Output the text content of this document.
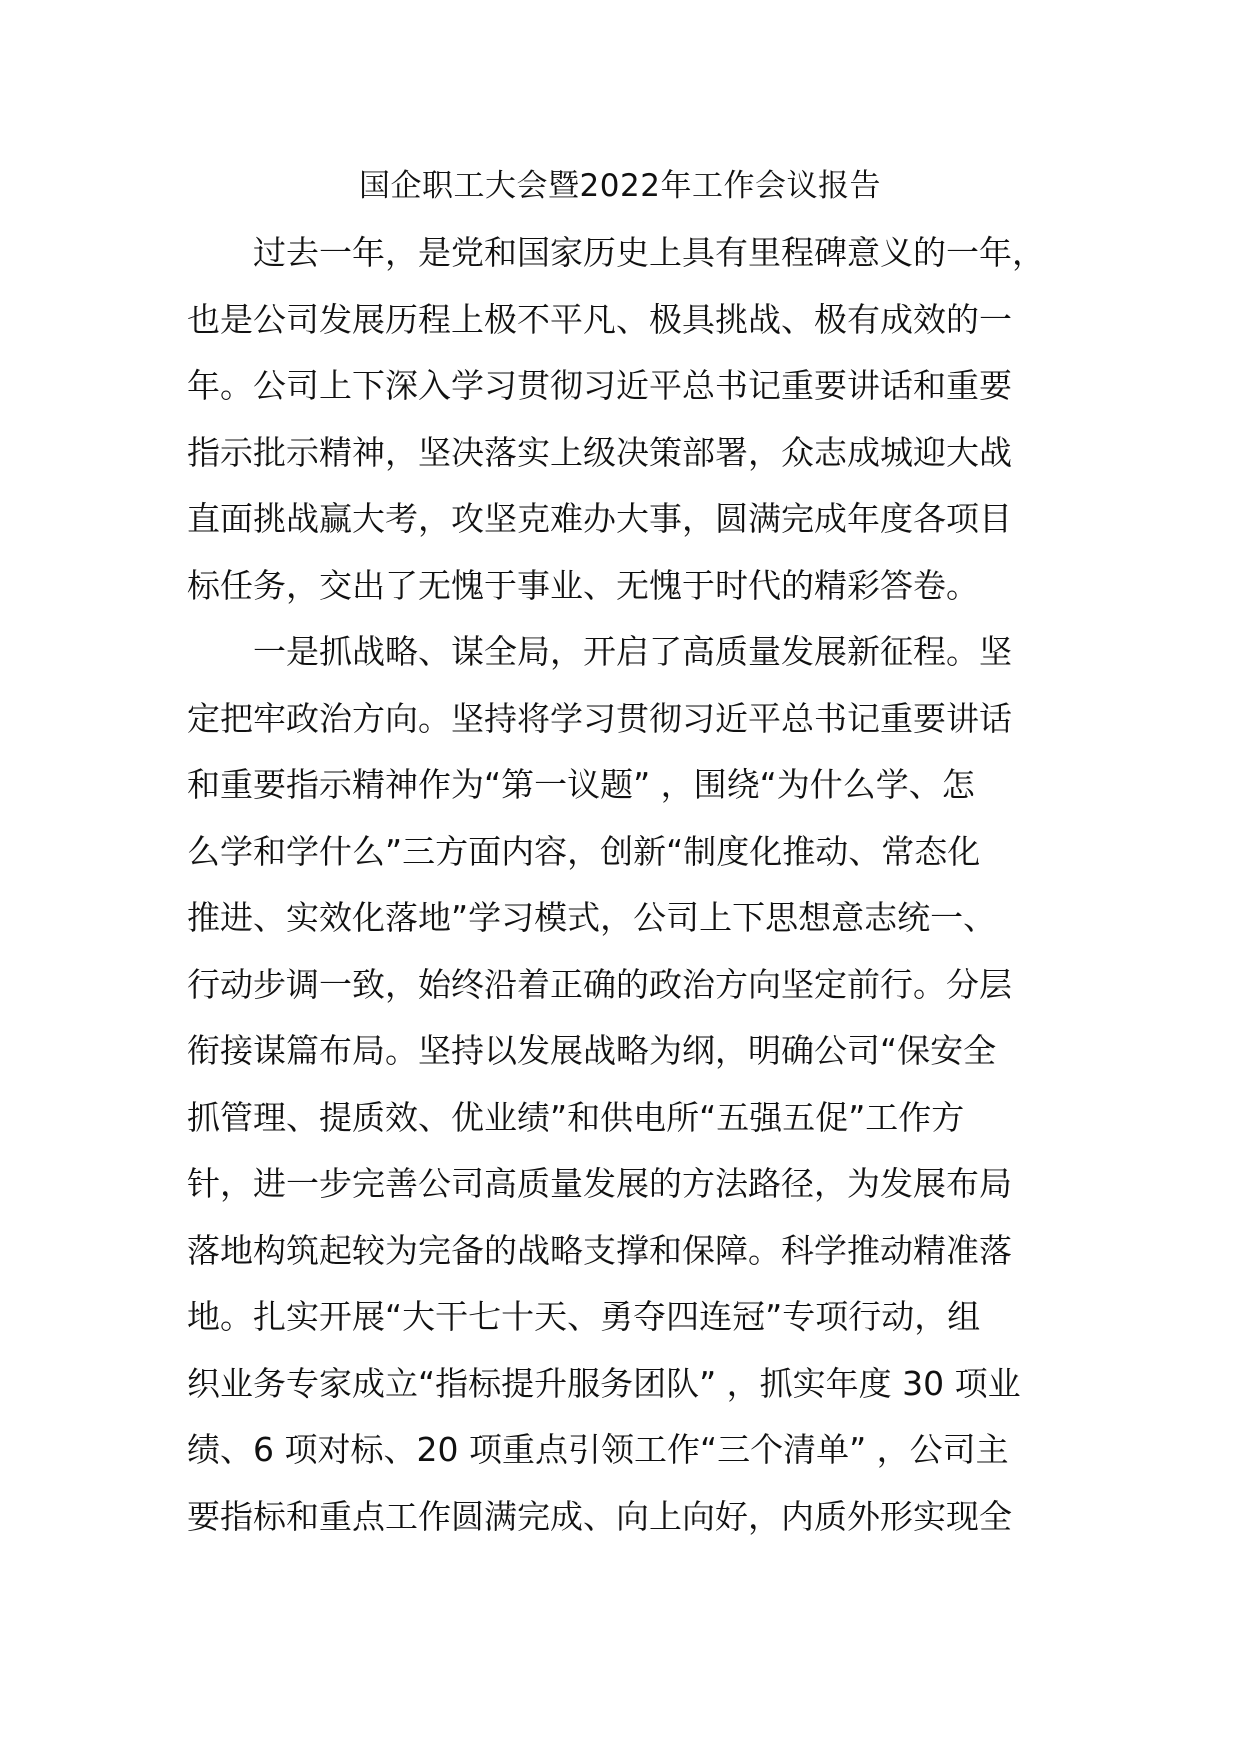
国企职工大会暨2022年工作会议报告
过去一年，是党和国家历史上具有里程碑意义的一年，
也是公司发展历程上极不平凡、极具挑战、极有成效的一
年。公司上下深入学习贯彻习近平总书记重要讲话和重要
指示批示精神，坚决落实上级决策部署，众志成城迎大战
直面挑战赢大考，攻坚克难办大事，圆满完成年度各项目
标任务，交出了无愧于事业、无愧于时代的精彩答卷。
一是抓战略、谋全局，开启了高质量发展新征程。坚
定把牢政治方向。坚持将学习贯彻习近平总书记重要讲话
和重要指示精神作为“第一议题” ，围绕“为什么学、怎
么学和学什么”三方面内容，创新“制度化推动、常态化
推进、实效化落地”学习模式，公司上下思想意志统一、
行动步调一致，始终沿着正确的政治方向坚定前行。分层
衔接谋篇布局。坚持以发展战略为纲，明确公司“保安全
抓管理、提质效、优业绩”和供电所“五强五促”工作方
针，进一步完善公司高质量发展的方法路径，为发展布局
落地构筑起较为完备的战略支撑和保障。科学推动精准落
地。扎实开展“大干七十天、勇夺四连冠”专项行动，组
织业务专家成立“指标提升服务团队” ，抓实年度 30 项业
绩、6 项对标、20 项重点引领工作“三个清单” ，公司主
要指标和重点工作圆满完成、向上向好，内质外形实现全
